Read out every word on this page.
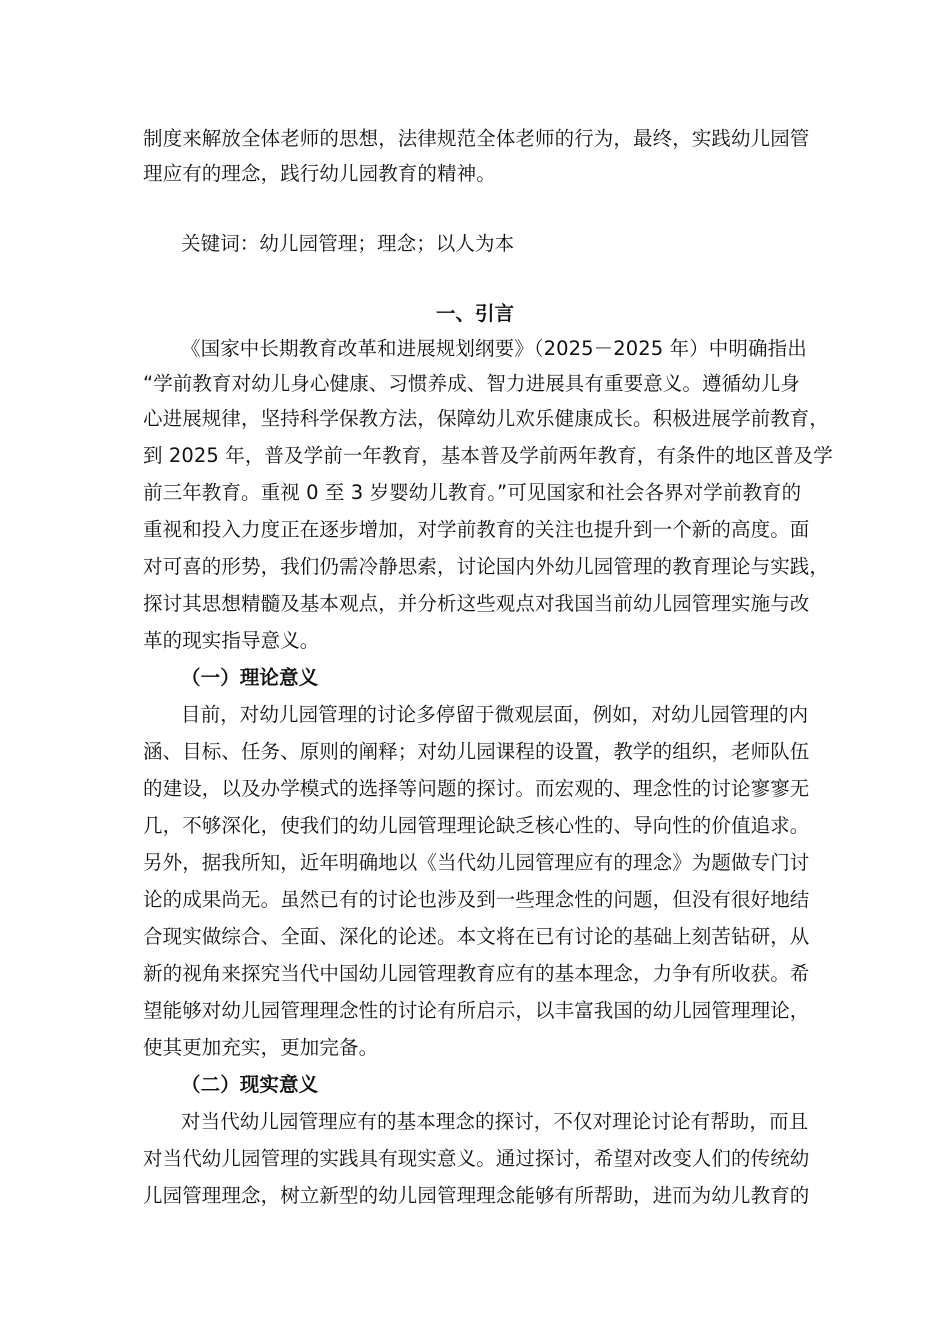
制度来解放全体老师的思想，法律规范全体老师的行为，最终，实践幼儿园管
理应有的理念，践行幼儿园教育的精神。
关键词：幼儿园管理；理念；以人为本
一、引言
《国家中长期教育改革和进展规划纲要》（2025－2025 年）中明确指出
“学前教育对幼儿身心健康、习惯养成、智力进展具有重要意义。遵循幼儿身
心进展规律，坚持科学保教方法，保障幼儿欢乐健康成长。积极进展学前教育，
到 2025 年，普及学前一年教育，基本普及学前两年教育，有条件的地区普及学
前三年教育。重视 0 至 3 岁婴幼儿教育。”可见国家和社会各界对学前教育的
重视和投入力度正在逐步增加，对学前教育的关注也提升到一个新的高度。面
对可喜的形势，我们仍需冷静思索，讨论国内外幼儿园管理的教育理论与实践，
探讨其思想精髓及基本观点，并分析这些观点对我国当前幼儿园管理实施与改
革的现实指导意义。
（一）理论意义
目前，对幼儿园管理的讨论多停留于微观层面，例如，对幼儿园管理的内
涵、目标、任务、原则的阐释；对幼儿园课程的设置，教学的组织，老师队伍
的建设，以及办学模式的选择等问题的探讨。而宏观的、理念性的讨论寥寥无
几，不够深化，使我们的幼儿园管理理论缺乏核心性的、导向性的价值追求。
另外，据我所知，近年明确地以《当代幼儿园管理应有的理念》为题做专门讨
论的成果尚无。虽然已有的讨论也涉及到一些理念性的问题，但没有很好地结
合现实做综合、全面、深化的论述。本文将在已有讨论的基础上刻苦钻研，从
新的视角来探究当代中国幼儿园管理教育应有的基本理念，力争有所收获。希
望能够对幼儿园管理理念性的讨论有所启示，以丰富我国的幼儿园管理理论，
使其更加充实，更加完备。
（二）现实意义
对当代幼儿园管理应有的基本理念的探讨，不仅对理论讨论有帮助，而且
对当代幼儿园管理的实践具有现实意义。通过探讨，希望对改变人们的传统幼
儿园管理理念，树立新型的幼儿园管理理念能够有所帮助，进而为幼儿教育的
